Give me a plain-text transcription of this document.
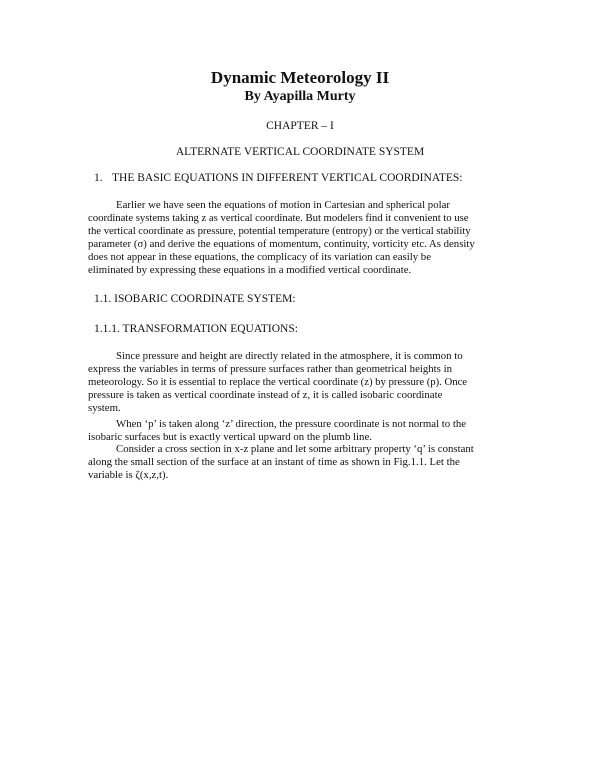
Dynamic Meteorology II
By Ayapilla Murty
CHAPTER – I
ALTERNATE VERTICAL COORDINATE SYSTEM
1. THE BASIC EQUATIONS IN DIFFERENT VERTICAL COORDINATES:
Earlier we have seen the equations of motion in Cartesian and spherical polar
coordinate systems taking z as vertical coordinate. But modelers find it convenient to use
the vertical coordinate as pressure, potential temperature (entropy) or the vertical stability
parameter (σ) and derive the equations of momentum, continuity, vorticity etc. As density
does not appear in these equations, the complicacy of its variation can easily be
eliminated by expressing these equations in a modified vertical coordinate.
1.1. ISOBARIC COORDINATE SYSTEM:
1.1.1. TRANSFORMATION EQUATIONS:
Since pressure and height are directly related in the atmosphere, it is common to
express the variables in terms of pressure surfaces rather than geometrical heights in
meteorology. So it is essential to replace the vertical coordinate (z) by pressure (p). Once
pressure is taken as vertical coordinate instead of z, it is called isobaric coordinate
system.
When ‘p’ is taken along ‘z’ direction, the pressure coordinate is not normal to the
isobaric surfaces but is exactly vertical upward on the plumb line.
Consider a cross section in x-z plane and let some arbitrary property ‘q’ is constant
along the small section of the surface at an instant of time as shown in Fig.1.1. Let the
variable is ζ(x,z,t).
